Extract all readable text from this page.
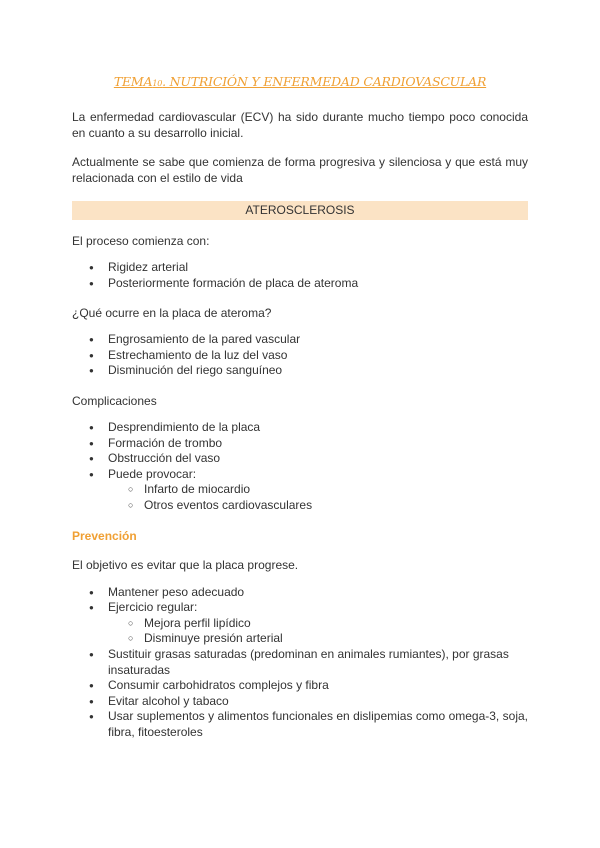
TEMA10. NUTRICIÓN Y ENFERMEDAD CARDIOVASCULAR

La enfermedad cardiovascular (ECV) ha sido durante mucho tiempo poco conocida en cuanto a su desarrollo inicial.

Actualmente se sabe que comienza de forma progresiva y silenciosa y que está muy relacionada con el estilo de vida

ATEROSCLEROSIS

El proceso comienza con:

● Rigidez arterial
● Posteriormente formación de placa de ateroma

¿Qué ocurre en la placa de ateroma?

● Engrosamiento de la pared vascular
● Estrechamiento de la luz del vaso
● Disminución del riego sanguíneo

Complicaciones

● Desprendimiento de la placa
● Formación de trombo
● Obstrucción del vaso
● Puede provocar:
○ Infarto de miocardio
○ Otros eventos cardiovasculares
Prevención

El objetivo es evitar que la placa progrese.

● Mantener peso adecuado
● Ejercicio regular:
○ Mejora perfil lipídico
○ Disminuye presión arterial
● Sustituir grasas saturadas (predominan en animales rumiantes), por grasas insaturadas
● Consumir carbohidratos complejos y fibra
● Evitar alcohol y tabaco
● Usar suplementos y alimentos funcionales en dislipemias como omega-3, soja, fibra, fitoesteroles
